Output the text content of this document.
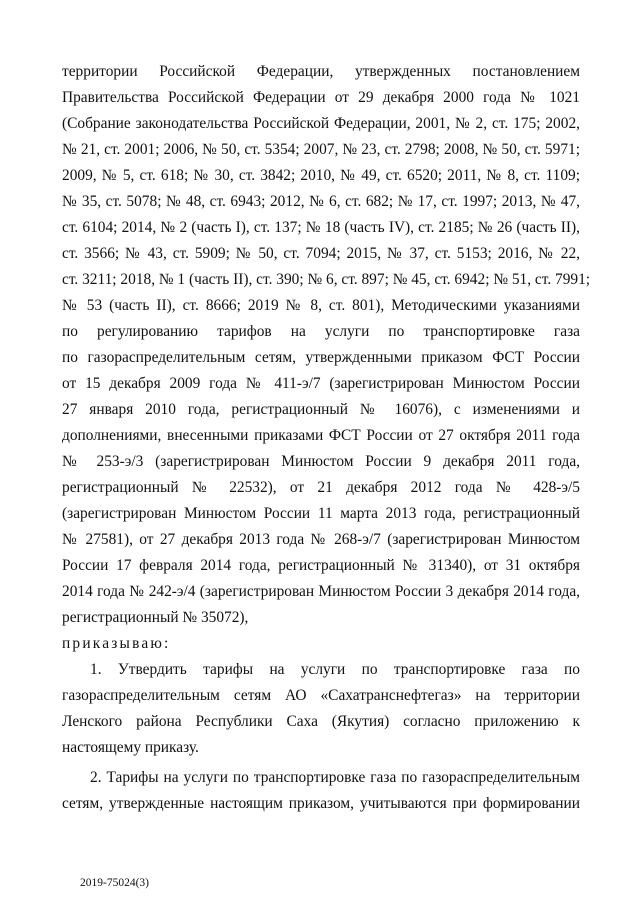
территории Российской Федерации, утвержденных постановлением
Правительства Российской Федерации от 29 декабря 2000 года № 1021
(Собрание законодательства Российской Федерации, 2001, № 2, ст. 175; 2002,
№ 21, ст. 2001; 2006, № 50, ст. 5354; 2007, № 23, ст. 2798; 2008, № 50, ст. 5971;
2009, № 5, ст. 618; № 30, ст. 3842; 2010, № 49, ст. 6520; 2011, № 8, ст. 1109;
№ 35, ст. 5078; № 48, ст. 6943; 2012, № 6, ст. 682; № 17, ст. 1997; 2013, № 47,
ст. 6104; 2014, № 2 (часть I), ст. 137; № 18 (часть IV), ст. 2185; № 26 (часть II),
ст. 3566; № 43, ст. 5909; № 50, ст. 7094; 2015, № 37, ст. 5153; 2016, № 22,
ст. 3211; 2018, № 1 (часть II), ст. 390; № 6, ст. 897; № 45, ст. 6942; № 51, ст. 7991;
№ 53 (часть II), ст. 8666; 2019 № 8, ст. 801), Методическими указаниями
по регулированию тарифов на услуги по транспортировке газа
по газораспределительным сетям, утвержденными приказом ФСТ России
от 15 декабря 2009 года № 411-э/7 (зарегистрирован Минюстом России
27 января 2010 года, регистрационный № 16076), с изменениями и
дополнениями, внесенными приказами ФСТ России от 27 октября 2011 года
№ 253-э/3 (зарегистрирован Минюстом России 9 декабря 2011 года,
регистрационный № 22532), от 21 декабря 2012 года № 428-э/5
(зарегистрирован Минюстом России 11 марта 2013 года, регистрационный
№ 27581), от 27 декабря 2013 года № 268-э/7 (зарегистрирован Минюстом
России 17 февраля 2014 года, регистрационный № 31340), от 31 октября
2014 года № 242-э/4 (зарегистрирован Минюстом России 3 декабря 2014 года,
регистрационный № 35072),
приказываю:
1. Утвердить тарифы на услуги по транспортировке газа по
газораспределительным сетям АО «Сахатранснефтегаз» на территории
Ленского района Республики Саха (Якутия) согласно приложению к
настоящему приказу.
2. Тарифы на услуги по транспортировке газа по газораспределительным
сетям, утвержденные настоящим приказом, учитываются при формировании
2019-75024(3)
